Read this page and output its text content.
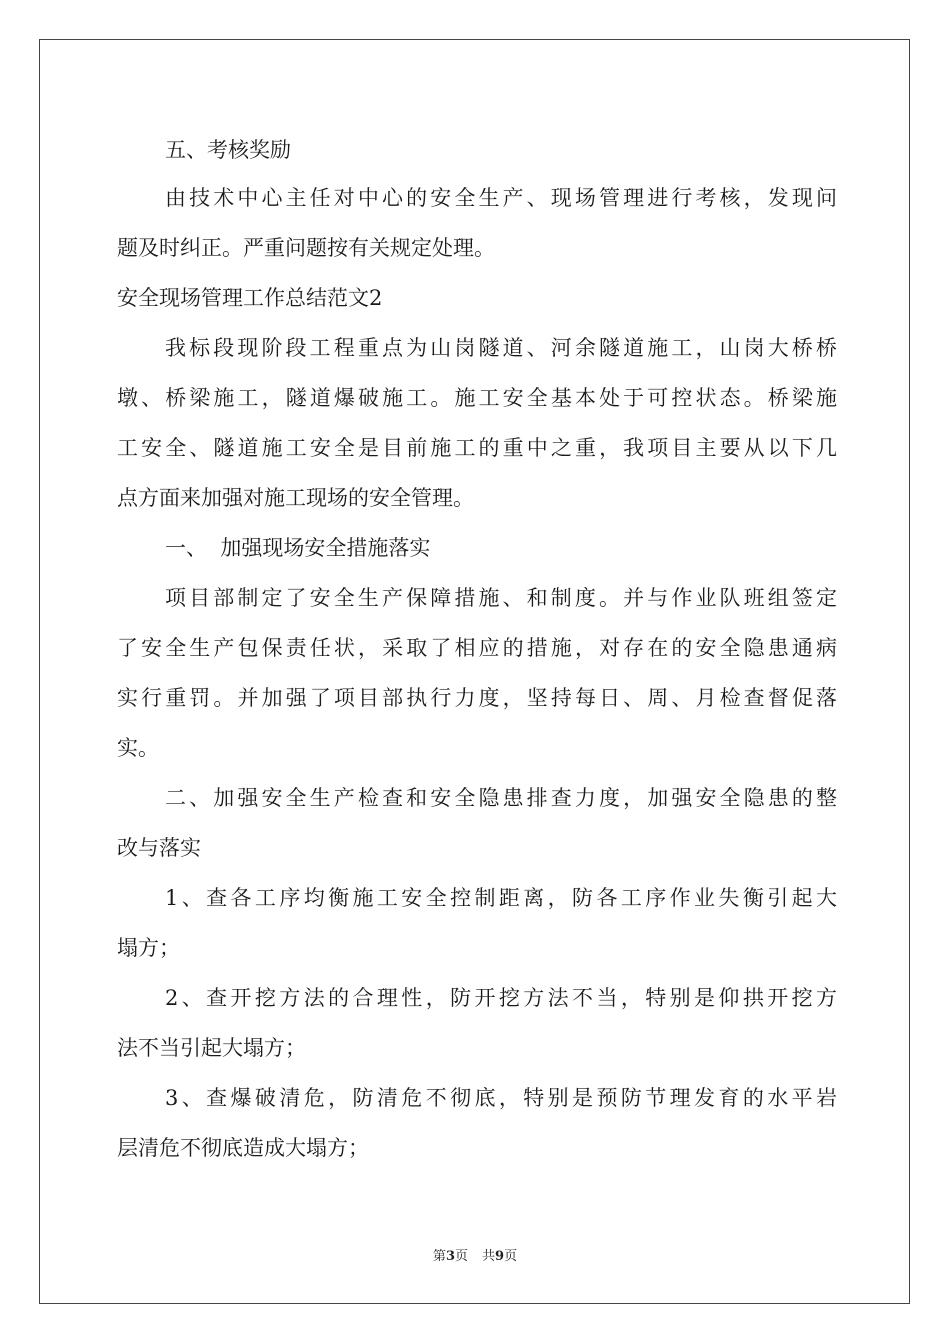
五、考核奖励
由技术中心主任对中心的安全生产、现场管理进行考核，发现问
题及时纠正。严重问题按有关规定处理。
安全现场管理工作总结范文2
我标段现阶段工程重点为山岗隧道、河余隧道施工，山岗大桥桥
墩、桥梁施工，隧道爆破施工。施工安全基本处于可控状态。桥梁施
工安全、隧道施工安全是目前施工的重中之重，我项目主要从以下几
点方面来加强对施工现场的安全管理。
一、  加强现场安全措施落实
项目部制定了安全生产保障措施、和制度。并与作业队班组签定
了安全生产包保责任状，采取了相应的措施，对存在的安全隐患通病
实行重罚。并加强了项目部执行力度，坚持每日、周、月检查督促落
实。
二、加强安全生产检查和安全隐患排查力度，加强安全隐患的整
改与落实
1、查各工序均衡施工安全控制距离，防各工序作业失衡引起大
塌方；
2、查开挖方法的合理性，防开挖方法不当，特别是仰拱开挖方
法不当引起大塌方；
3、查爆破清危，防清危不彻底，特别是预防节理发育的水平岩
层清危不彻底造成大塌方；
第3页 共9页
